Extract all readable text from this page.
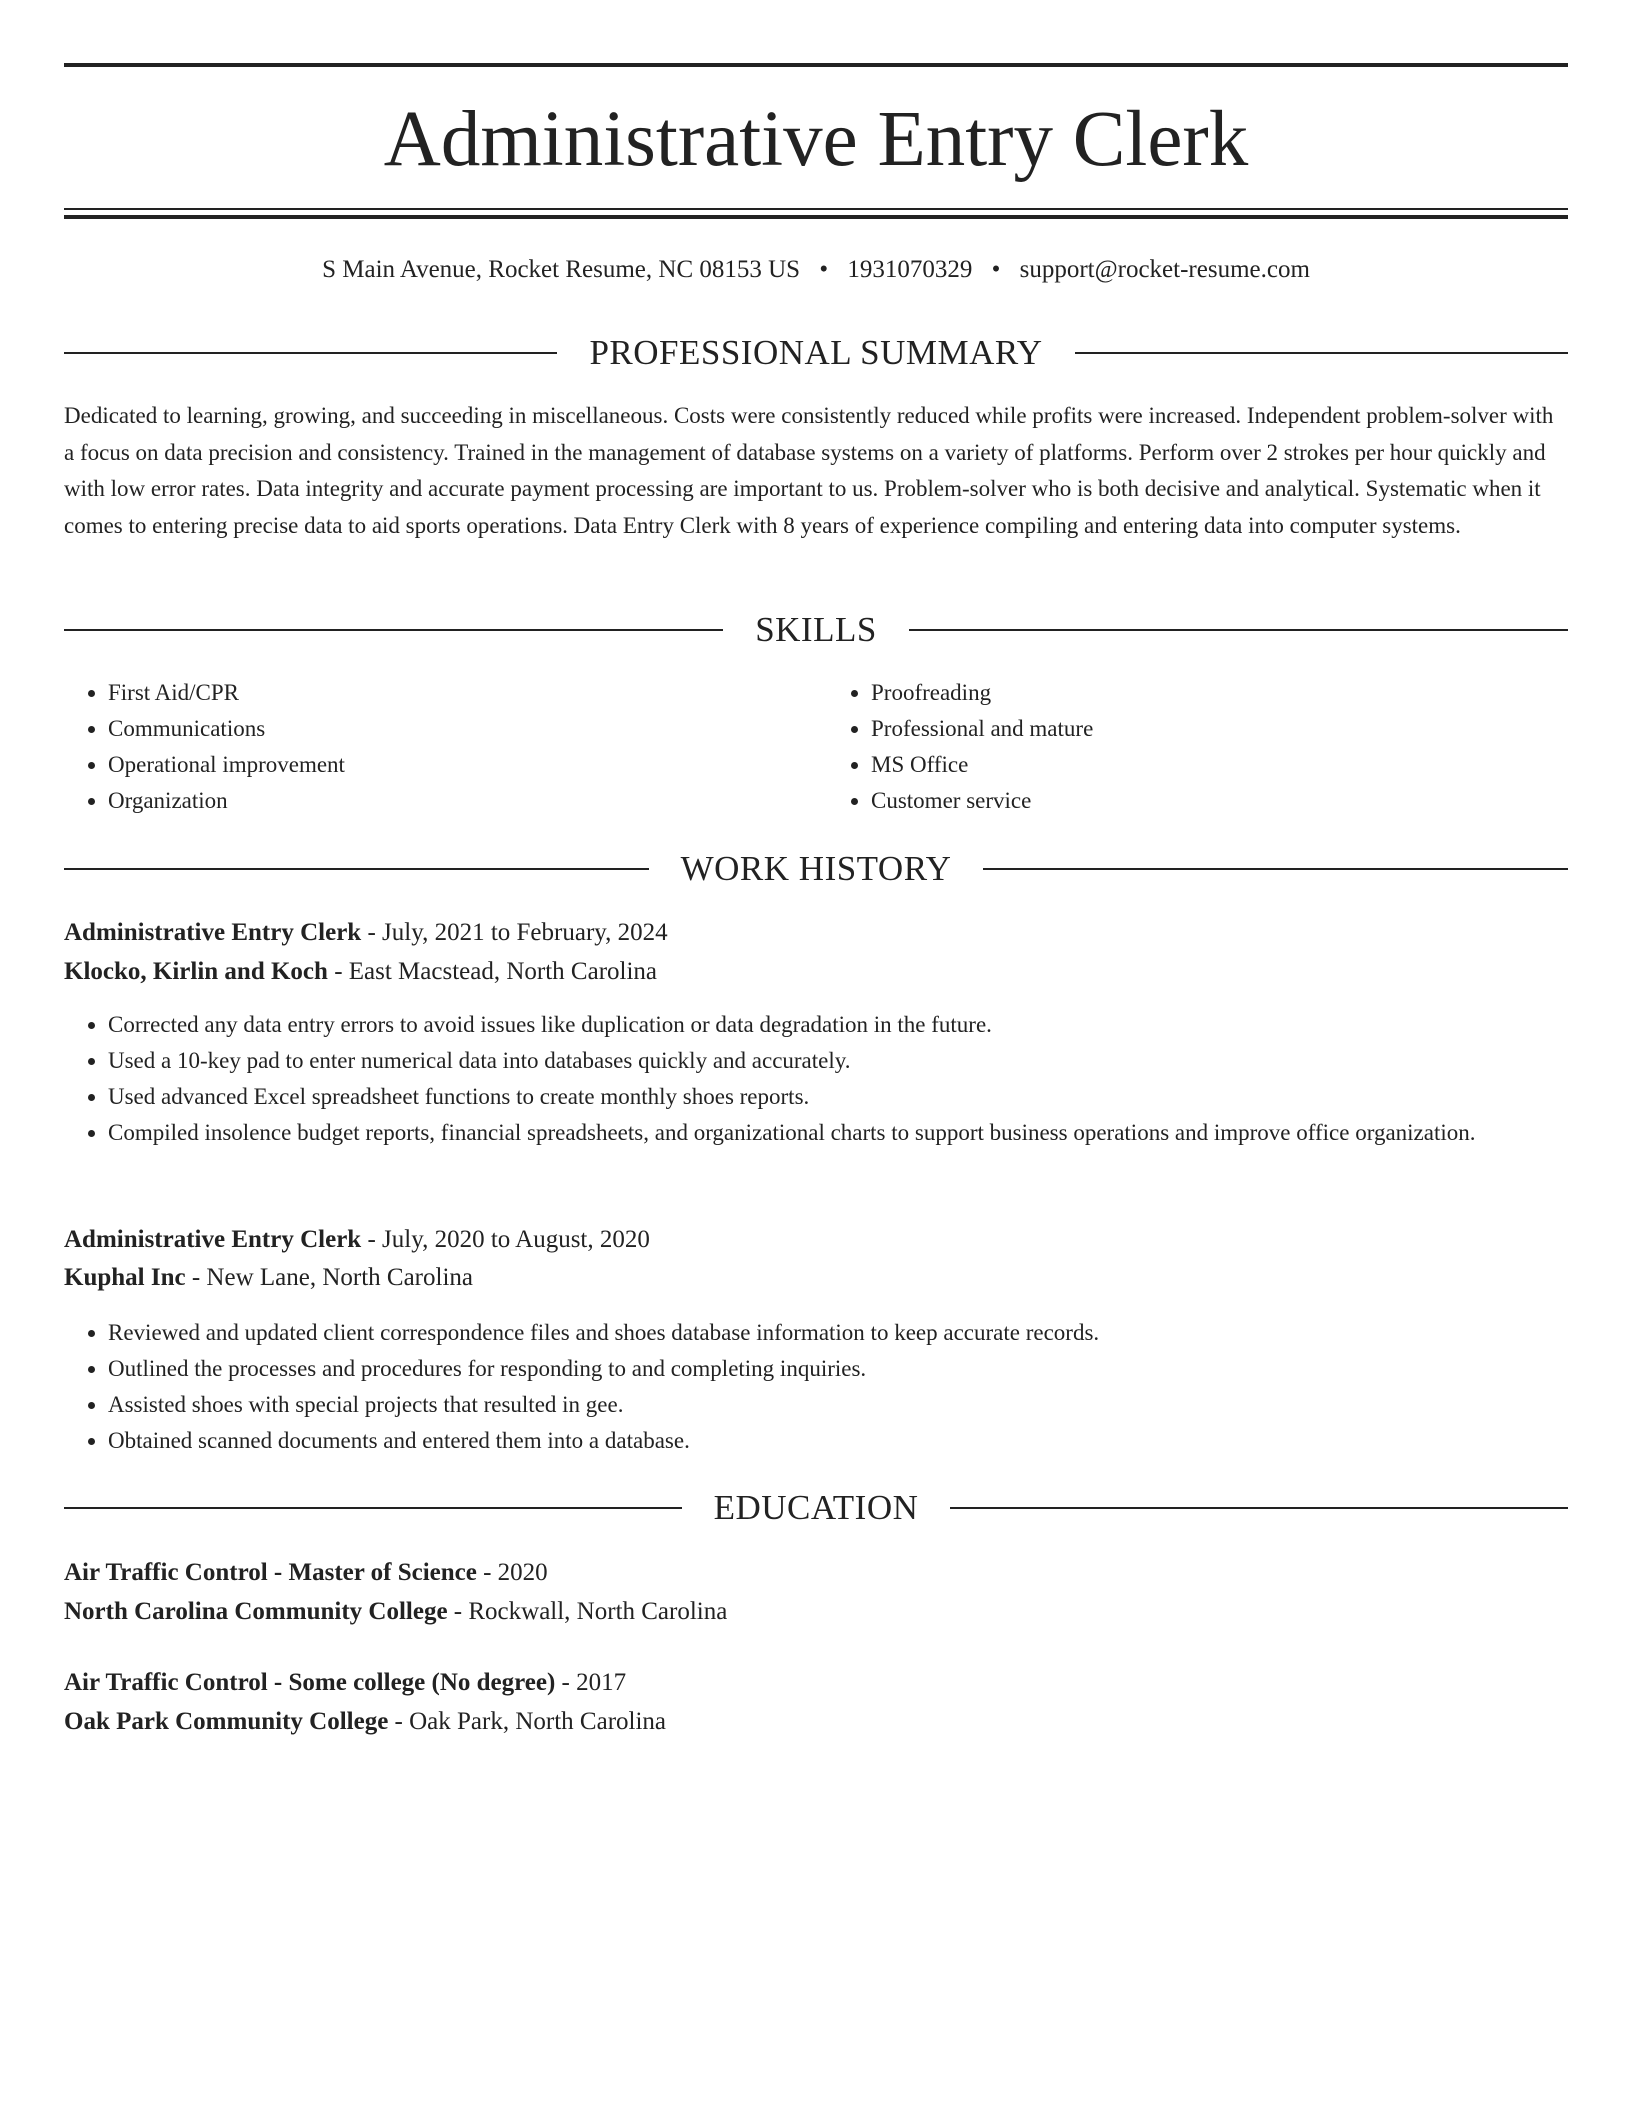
Administrative Entry Clerk
S Main Avenue, Rocket Resume, NC 08153 US • 1931070329 • support@rocket-resume.com
PROFESSIONAL SUMMARY

Dedicated to learning, growing, and succeeding in miscellaneous. Costs were consistently reduced while profits were increased. Independent problem-solver with a focus on data precision and consistency. Trained in the management of database systems on a variety of platforms. Perform over 2 strokes per hour quickly and with low error rates. Data integrity and accurate payment processing are important to us. Problem-solver who is both decisive and analytical. Systematic when it comes to entering precise data to aid sports operations. Data Entry Clerk with 8 years of experience compiling and entering data into computer systems.

SKILLS
• First Aid/CPR
• Communications
• Operational improvement
• Organization
• Proofreading
• Professional and mature
• MS Office
• Customer service
WORK HISTORY
Administrative Entry Clerk - July, 2021 to February, 2024
Klocko, Kirlin and Koch - East Macstead, North Carolina
• Corrected any data entry errors to avoid issues like duplication or data degradation in the future.
• Used a 10-key pad to enter numerical data into databases quickly and accurately.
• Used advanced Excel spreadsheet functions to create monthly shoes reports.
• Compiled insolence budget reports, financial spreadsheets, and organizational charts to support business operations and improve office organization.
Administrative Entry Clerk - July, 2020 to August, 2020
Kuphal Inc - New Lane, North Carolina
• Reviewed and updated client correspondence files and shoes database information to keep accurate records.
• Outlined the processes and procedures for responding to and completing inquiries.
• Assisted shoes with special projects that resulted in gee.
• Obtained scanned documents and entered them into a database.
EDUCATION
Air Traffic Control - Master of Science - 2020
North Carolina Community College - Rockwall, North Carolina
Air Traffic Control - Some college (No degree) - 2017
Oak Park Community College - Oak Park, North Carolina
